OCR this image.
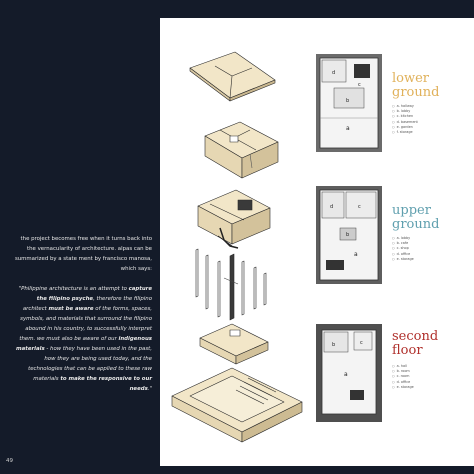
the project becomes free when it turns back into the vernacularity of architecture. alpas can be summarized by a state ment by francisco manosa, which says:

"Philippine architecture is an attempt to capture the filipino psyche, therefore the filipino architect must be aware of the forms, spaces, symbols, and materials that surround the filipino abound in his country, to successfully interpret them. we must also be aware of our indigenous materials - how they have been used in the past, how they are being used today, and the technologies that can be applied to these raw materials to make the responsive to our needs."

49
d
c
b
a
lower
ground
○ a. hallway
○ b. lobby
○ c. kitchen
○ d. basement
○ e. garden
○ f. storage
d	c
b
a
upper
ground
○ a. lobby
○ b. cafe
○ c. shop
○ d. office
○ e. storage
b	c
a
second
floor
○ a. hall
○ b. room
○ c. room
○ d. office
○ e. storage
